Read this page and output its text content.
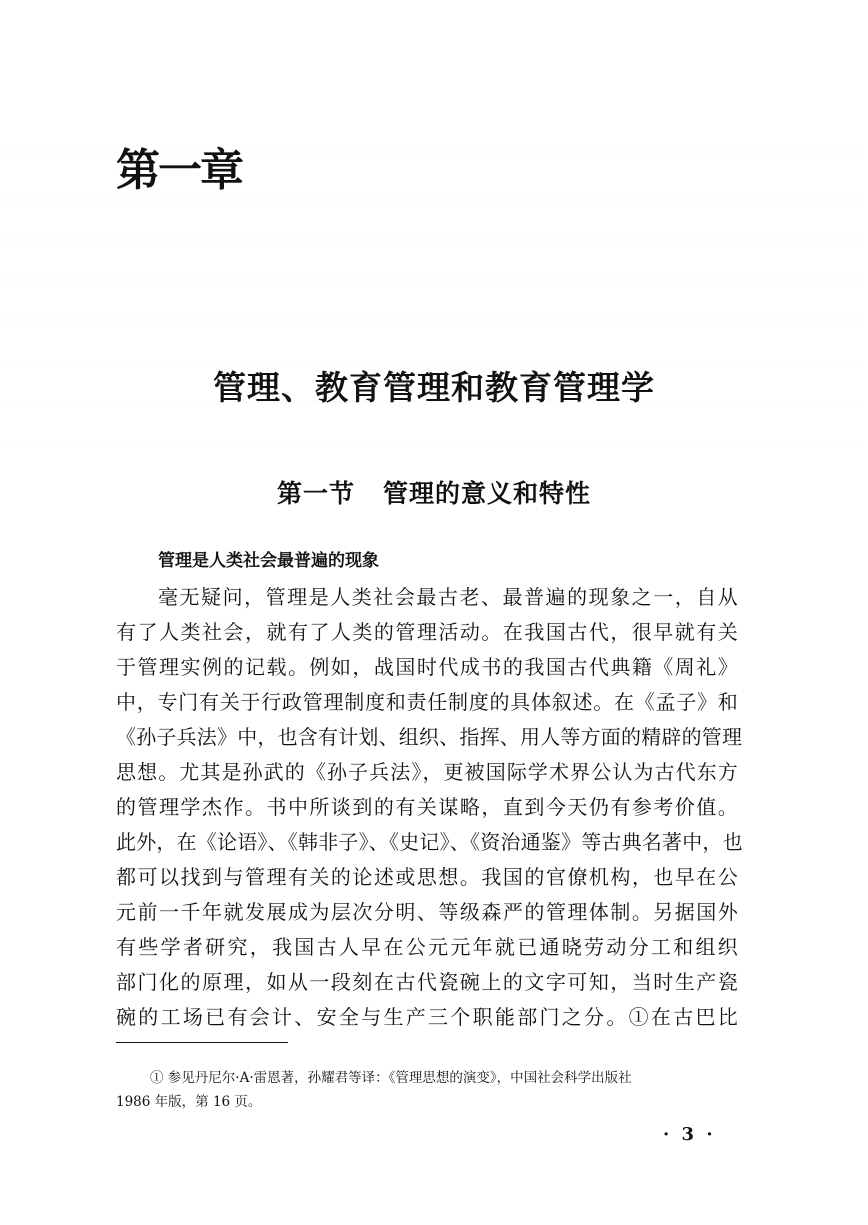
第一章
管理、教育管理和教育管理学
第一节 管理的意义和特性

管理是人类社会最普遍的现象

毫无疑问，管理是人类社会最古老、最普遍的现象之一，自从
有了人类社会，就有了人类的管理活动。在我国古代，很早就有关
于管理实例的记载。例如，战国时代成书的我国古代典籍《周礼》
中，专门有关于行政管理制度和责任制度的具体叙述。在《孟子》和
《孙子兵法》中，也含有计划、组织、指挥、用人等方面的精辟的管理
思想。尤其是孙武的《孙子兵法》，更被国际学术界公认为古代东方
的管理学杰作。书中所谈到的有关谋略，直到今天仍有参考价值。
此外，在《论语》、《韩非子》、《史记》、《资治通鉴》等古典名著中，也
都可以找到与管理有关的论述或思想。我国的官僚机构，也早在公
元前一千年就发展成为层次分明、等级森严的管理体制。另据国外
有些学者研究，我国古人早在公元元年就已通晓劳动分工和组织
部门化的原理，如从一段刻在古代瓷碗上的文字可知，当时生产瓷
碗的工场已有会计、安全与生产三个职能部门之分。①在古巴比
① 参见丹尼尔·A·雷恩著，孙耀君等译：《管理思想的演变》，中国社会科学出版社
1986 年版，第 16 页。

· 3 ·
